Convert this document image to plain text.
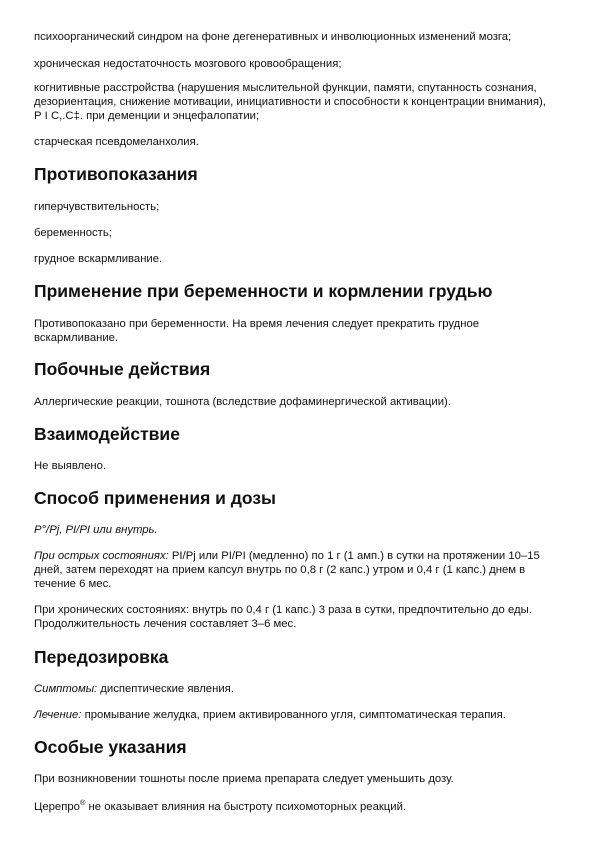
психоорганический синдром на фоне дегенеративных и инволюционных изменений мозга;

хроническая недостаточность мозгового кровообращения;

когнитивные расстройства (нарушения мыслительной функции, памяти, спутанность сознания, дезориентация, снижение мотивации, инициативности и способности к концентрации внимания), Р I С,.С‡. при деменции и энцефалопатии;

старческая псевдомеланхолия.

Противопоказания

гиперчувствительность;

беременность;

грудное вскармливание.

Применение при беременности и кормлении грудью

Противопоказано при беременности. На время лечения следует прекратить грудное вскармливание.

Побочные действия

Аллергические реакции, тошнота (вследствие дофаминергической активации).

Взаимодействие

Не выявлено.

Способ применения и дозы

Р°/Рј, РІ/РІ или внутрь.

При острых состояниях: РІ/Рј или РІ/РІ (медленно) по 1 г (1 амп.) в сутки на протяжении 10–15 дней, затем переходят на прием капсул внутрь по 0,8 г (2 капс.) утром и 0,4 г (1 капс.) днем в течение 6 мес.

При хронических состояниях: внутрь по 0,4 г (1 капс.) 3 раза в сутки, предпочтительно до еды. Продолжительность лечения составляет 3–6 мес.

Передозировка

Симптомы: диспептические явления.

Лечение: промывание желудка, прием активированного угля, симптоматическая терапия.

Особые указания

При возникновении тошноты после приема препарата следует уменьшить дозу.

Церепро® не оказывает влияния на быстроту психомоторных реакций.
